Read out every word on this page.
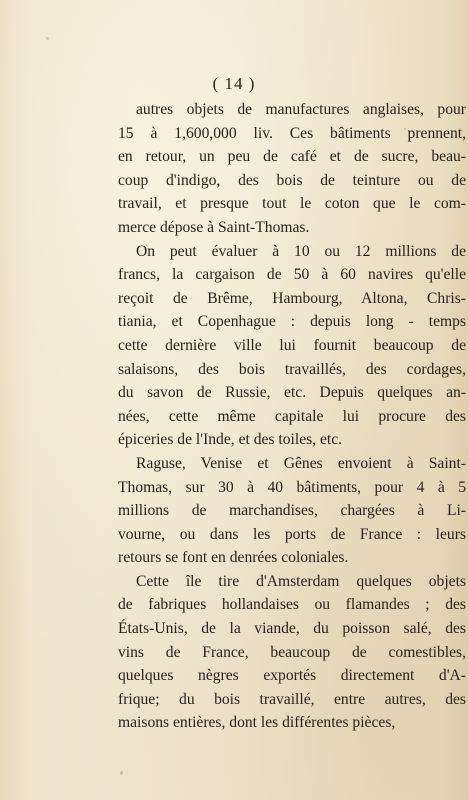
( 14 )
autres objets de manufactures anglaises, pour
15 à 1,600,000 liv. Ces bâtiments prennent,
en retour, un peu de café et de sucre, beau-
coup d'indigo, des bois de teinture ou de
travail, et presque tout le coton que le com-
merce dépose à Saint-Thomas.
On peut évaluer à 10 ou 12 millions de
francs, la cargaison de 50 à 60 navires qu'elle
reçoit de Brême, Hambourg, Altona, Chris-
tiania, et Copenhague : depuis long - temps
cette dernière ville lui fournit beaucoup de
salaisons, des bois travaillés, des cordages,
du savon de Russie, etc. Depuis quelques an-
nées, cette même capitale lui procure des
épiceries de l'Inde, et des toiles, etc.
Raguse, Venise et Gênes envoient à Saint-
Thomas, sur 30 à 40 bâtiments, pour 4 à 5
millions de marchandises, chargées à Li-
vourne, ou dans les ports de France : leurs
retours se font en denrées coloniales.
Cette île tire d'Amsterdam quelques objets
de fabriques hollandaises ou flamandes ; des
États-Unis, de la viande, du poisson salé, des
vins de France, beaucoup de comestibles,
quelques nègres exportés directement d'A-
frique; du bois travaillé, entre autres, des
maisons entières, dont les différentes pièces,
